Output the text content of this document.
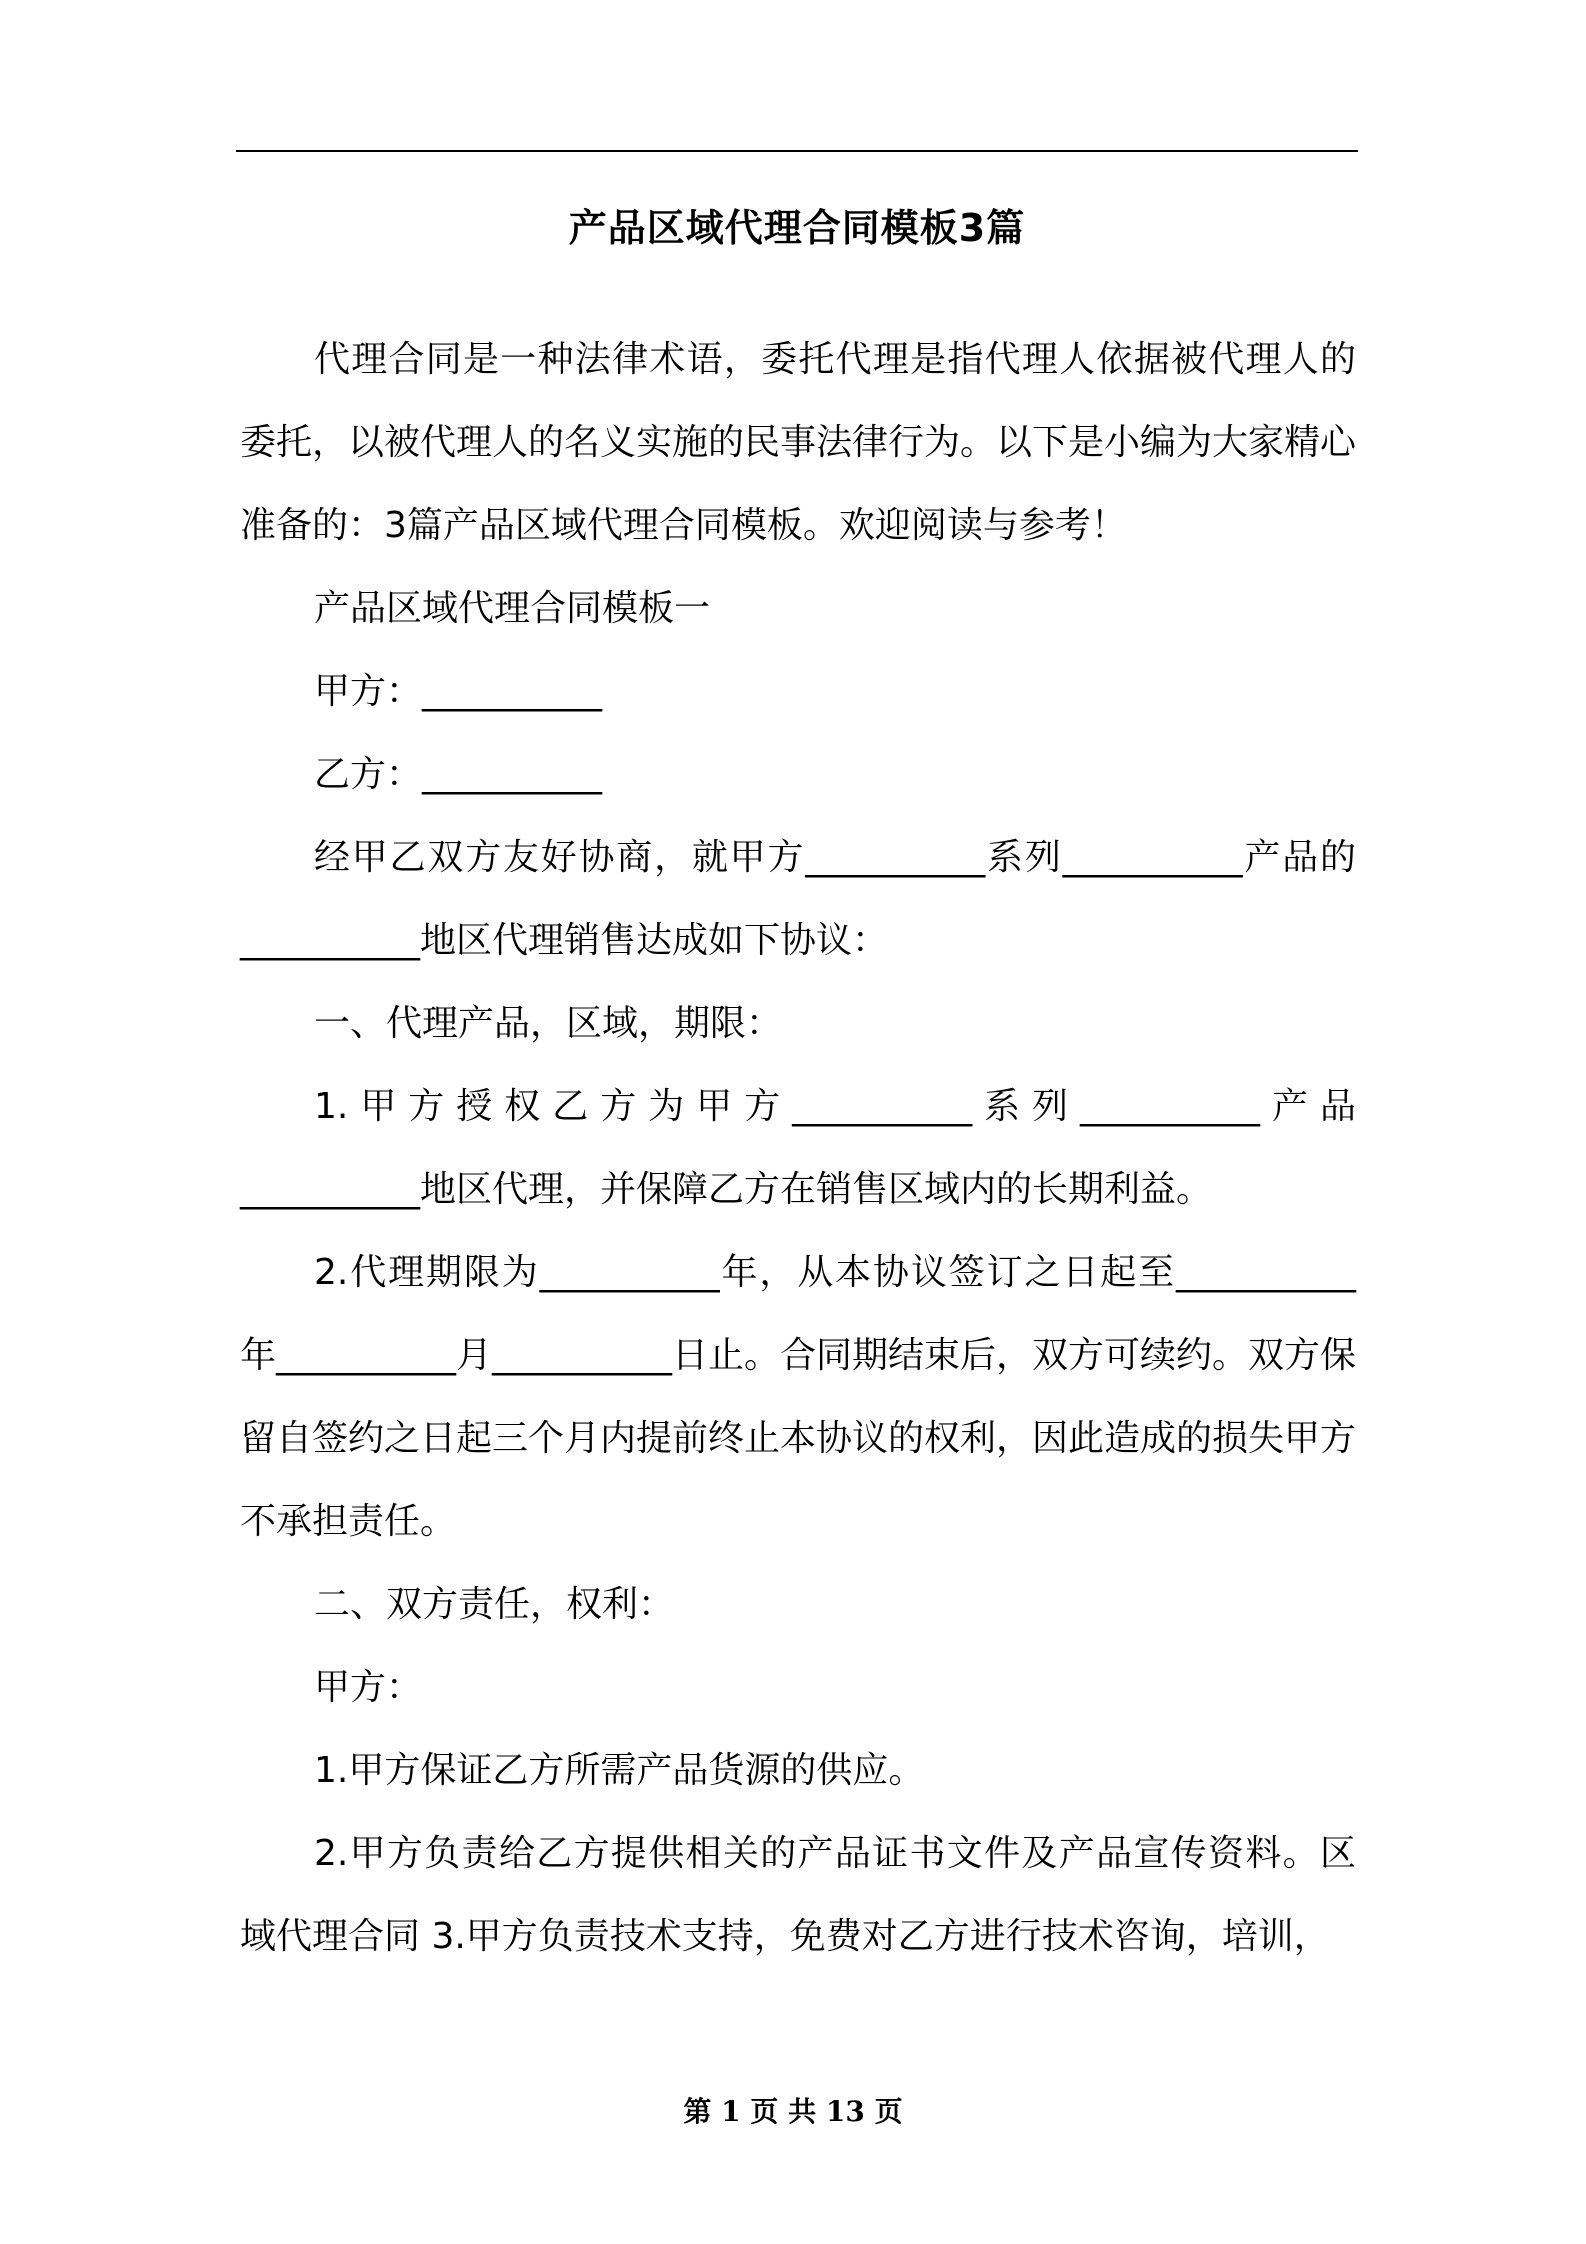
产品区域代理合同模板3篇

代理合同是一种法律术语，委托代理是指代理人依据被代理人的委托，以被代理人的名义实施的民事法律行为。以下是小编为大家精心准备的：3篇产品区域代理合同模板。欢迎阅读与参考！

产品区域代理合同模板一

甲方：__________

乙方：__________

经甲乙双方友好协商，就甲方__________系列__________产品的__________地区代理销售达成如下协议：

一、代理产品，区域，期限：

1.甲方授权乙方为甲方__________系列__________产品__________地区代理，并保障乙方在销售区域内的长期利益。

2.代理期限为__________年，从本协议签订之日起至__________年__________月__________日止。合同期结束后，双方可续约。双方保留自签约之日起三个月内提前终止本协议的权利，因此造成的损失甲方不承担责任。

二、双方责任，权利：

甲方：

1.甲方保证乙方所需产品货源的供应。

2.甲方负责给乙方提供相关的产品证书文件及产品宣传资料。区域代理合同 3.甲方负责技术支持，免费对乙方进行技术咨询，培训，

第 1 页 共 13 页
